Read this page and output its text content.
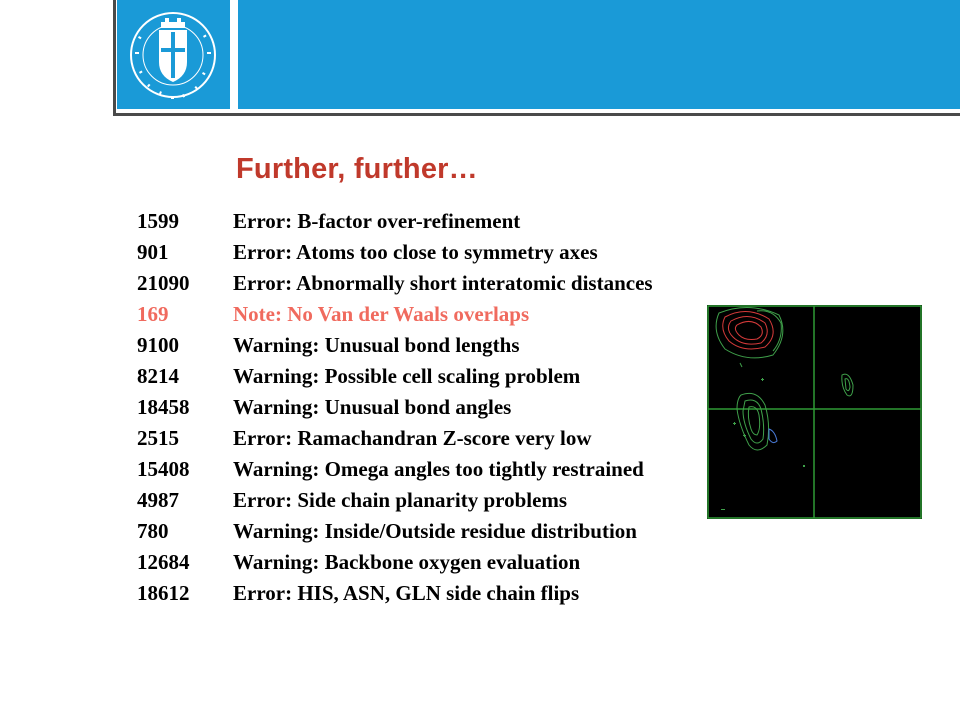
Further, further…
1599	Error: B-factor over-refinement
901	Error: Atoms too close to symmetry axes
21090 Error: Abnormally short interatomic distances
169	Note: No Van der Waals overlaps
9100	Warning: Unusual bond lengths
8214	Warning: Possible cell scaling problem
18458 Warning: Unusual bond angles
2515	Error: Ramachandran Z-score very low
15408 Warning: Omega angles too tightly restrained
4987	Error: Side chain planarity problems
780	Warning: Inside/Outside residue distribution
12684 Warning: Backbone oxygen evaluation
18612 Error: HIS, ASN, GLN side chain flips
